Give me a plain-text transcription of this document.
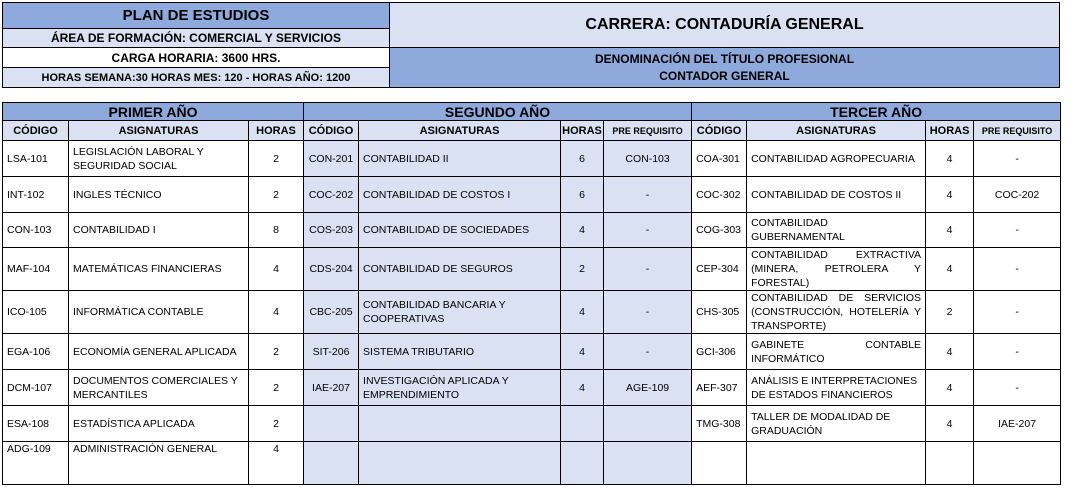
PLAN DE ESTUDIOS
ÁREA DE FORMACIÓN: COMERCIAL Y SERVICIOS
CARGA HORARIA: 3600 HRS.
HORAS SEMANA:30 HORAS MES: 120 - HORAS AÑO: 1200
CARRERA: CONTADURÍA GENERAL
DENOMINACIÓN DEL TÍTULO PROFESIONAL
CONTADOR GENERAL
PRIMER AÑO			SEGUNDO AÑO				TERCER AÑO			
CÓDIGO	ASIGNATURAS	HORAS	CÓDIGO	ASIGNATURAS	HORAS	PRE REQUISITO	CÓDIGO	ASIGNATURAS	HORAS	PRE REQUISITO
LSA-101	LEGISLACIÓN LABORAL Y SEGURIDAD SOCIAL	2	CON-201	CONTABILIDAD II	6	CON-103	COA-301	CONTABILIDAD AGROPECUARIA	4	-
INT-102	INGLES TÉCNICO	2	COC-202	CONTABILIDAD DE COSTOS I	6	-	COC-302	CONTABILIDAD DE COSTOS II	4	COC-202
CON-103	CONTABILIDAD I	8	COS-203	CONTABILIDAD DE SOCIEDADES	4	-	COG-303	CONTABILIDAD GUBERNAMENTAL	4	-
MAF-104	MATEMÁTICAS FINANCIERAS	4	CDS-204	CONTABILIDAD DE SEGUROS	2	-	CEP-304	CONTABILIDAD EXTRACTIVA (MINERA, PETROLERA Y FORESTAL)	4	-
ICO-105	INFORMÁTICA CONTABLE	4	CBC-205	CONTABILIDAD BANCARIA Y COOPERATIVAS	4	-	CHS-305	CONTABILIDAD DE SERVICIOS (CONSTRUCCIÓN, HOTELERÍA Y TRANSPORTE)	2	-
EGA-106	ECONOMÍA GENERAL APLICADA	2	SIT-206	SISTEMA TRIBUTARIO	4	-	GCI-306	GABINETE CONTABLE INFORMÁTICO	4	-
DCM-107	DOCUMENTOS COMERCIALES Y MERCANTILES	2	IAE-207	INVESTIGACIÓN APLICADA Y EMPRENDIMIENTO	4	AGE-109	AEF-307	ANÁLISIS E INTERPRETACIONES DE ESTADOS FINANCIEROS	4	-
ESA-108	ESTADÍSTICA APLICADA	2					TMG-308	TALLER DE MODALIDAD DE GRADUACIÓN	4	IAE-207
ADG-109	ADMINISTRACIÓN GENERAL	4								
